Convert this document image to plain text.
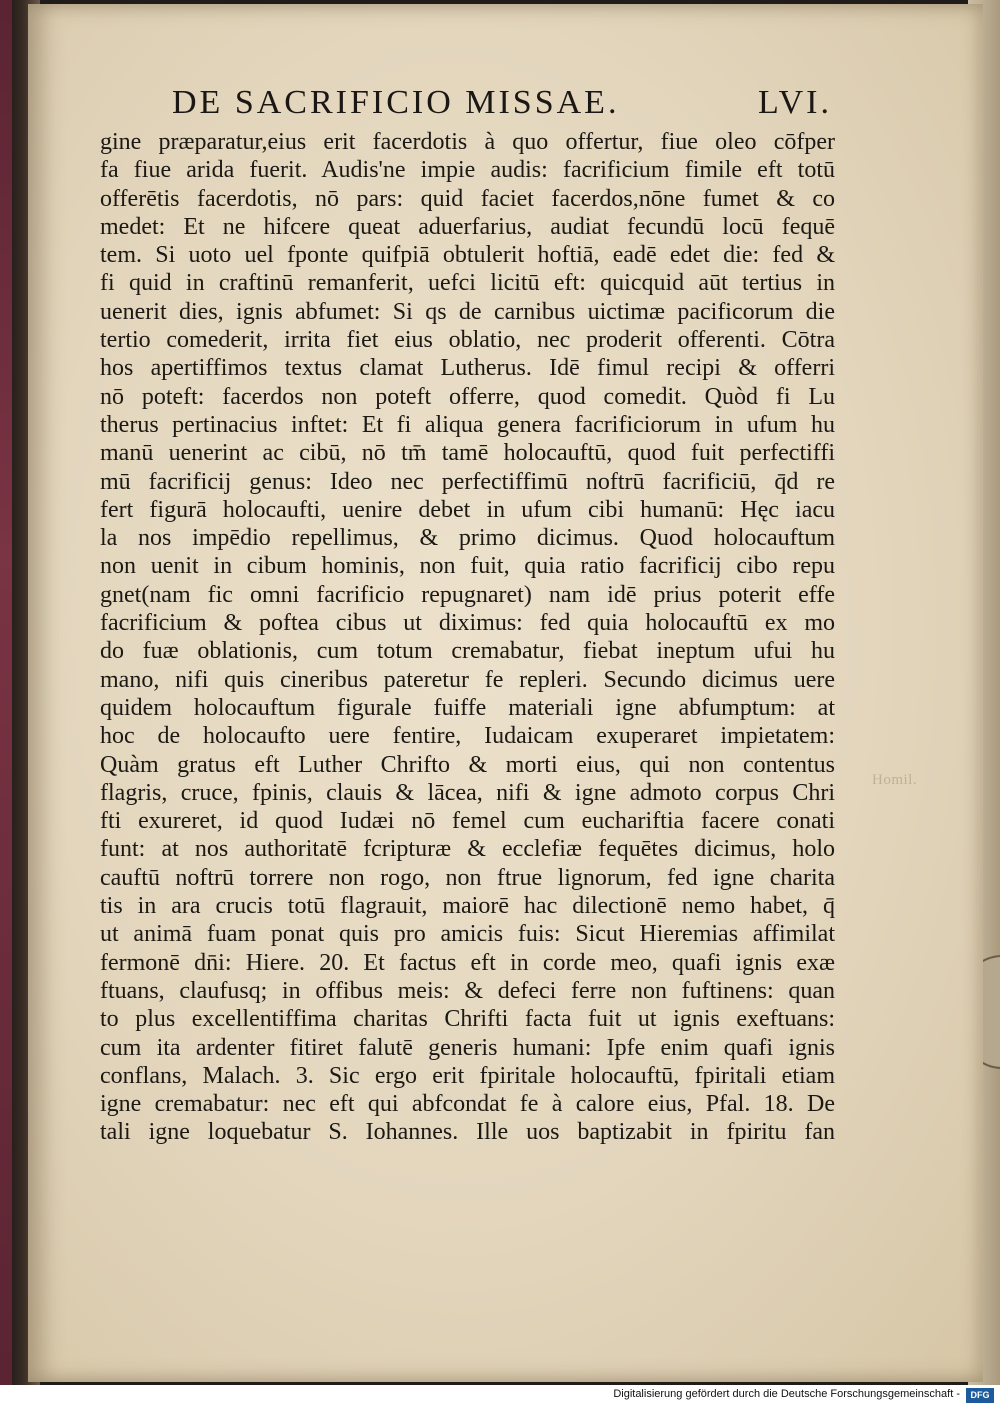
Homil.
DE SACRIFICIO MISSAE.	LVI.
gine præparatur,eius erit facerdotis à quo offertur, fiue oleo cōfper
fa fiue arida fuerit. Audis'ne impie audis: facrificium fimile eft totū
offerētis facerdotis, nō pars: quid faciet facerdos,nōne fumet & co
medet: Et ne hifcere queat aduerfarius, audiat fecundū locū fequē
tem. Si uoto uel fponte quifpiā obtulerit hoftiā, eadē edet die: fed &
fi quid in craftinū remanferit, uefci licitū eft: quicquid aūt tertius in
uenerit dies, ignis abfumet: Si qs de carnibus uictimæ pacificorum die
tertio comederit, irrita fiet eius oblatio, nec proderit offerenti. Cōtra
hos apertiffimos textus clamat Lutherus. Idē fimul recipi & offerri
nō poteft: facerdos non poteft offerre, quod comedit. Quòd fi Lu
therus pertinacius inftet: Et fi aliqua genera facrificiorum in ufum hu
manū uenerint ac cibū, nō tm̄ tamē holocauftū, quod fuit perfectiffi
mū facrificij genus: Ideo nec perfectiffimū noftrū facrificiū, q̄d re
fert figurā holocaufti, uenire debet in ufum cibi humanū: Hęc iacu
la nos impēdio repellimus, & primo dicimus. Quod holocauftum
non uenit in cibum hominis, non fuit, quia ratio facrificij cibo repu
gnet(nam fic omni facrificio repugnaret) nam idē prius poterit effe
facrificium & poftea cibus ut diximus: fed quia holocauftū ex mo
do fuæ oblationis, cum totum cremabatur, fiebat ineptum ufui hu
mano, nifi quis cineribus pateretur fe repleri. Secundo dicimus uere
quidem holocauftum figurale fuiffe materiali igne abfumptum: at
hoc de holocaufto uere fentire, Iudaicam exuperaret impietatem:
Quàm gratus eft Luther Chrifto & morti eius, qui non contentus
flagris, cruce, fpinis, clauis & lācea, nifi & igne admoto corpus Chri
fti exureret, id quod Iudæi nō femel cum euchariftia facere conati
funt: at nos authoritatē fcripturæ & ecclefiæ fequētes dicimus, holo
cauftū noftrū torrere non rogo, non ftrue lignorum, fed igne charita
tis in ara crucis totū flagrauit, maiorē hac dilectionē nemo habet, q̄
ut animā fuam ponat quis pro amicis fuis: Sicut Hieremias affimilat
fermonē dn̄i: Hiere. 20. Et factus eft in corde meo, quafi ignis exæ
ftuans, claufusq; in offibus meis: & defeci ferre non fuftinens: quan
to plus excellentiffima charitas Chrifti facta fuit ut ignis exeftuans:
cum ita ardenter fitiret falutē generis humani: Ipfe enim quafi ignis
conflans, Malach. 3. Sic ergo erit fpiritale holocauftū, fpiritali etiam
igne cremabatur: nec eft qui abfcondat fe à calore eius, Pfal. 18. De
tali igne loquebatur S. Iohannes. Ille uos baptizabit in fpiritu fan
Digitalisierung gefördert durch die Deutsche Forschungsgemeinschaft -	DFG
